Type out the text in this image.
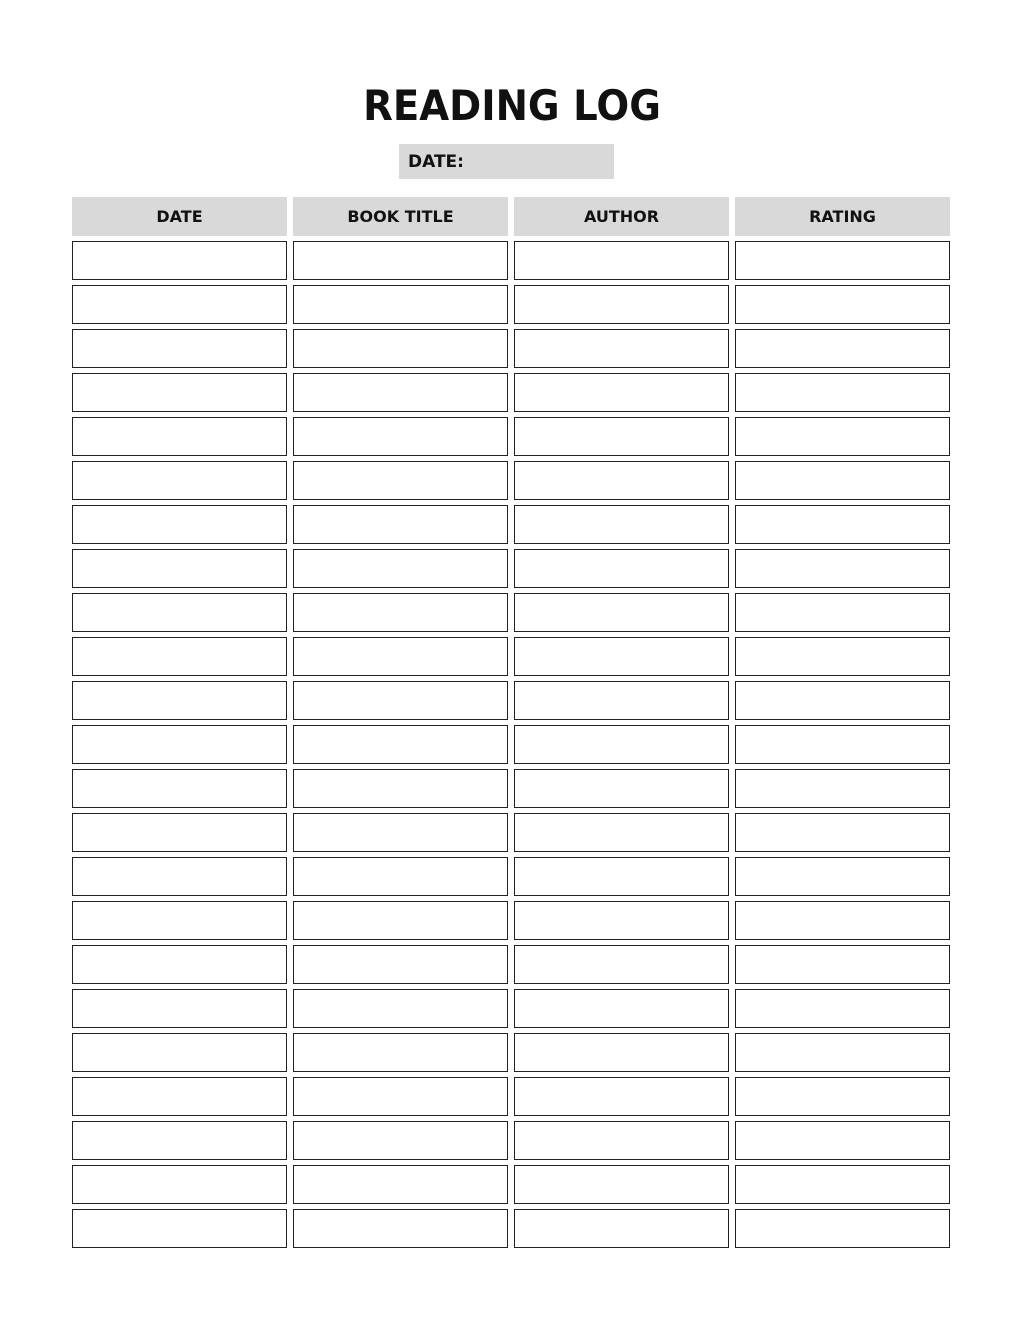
READING LOG
DATE:
DATE	BOOK TITLE	AUTHOR	RATING
